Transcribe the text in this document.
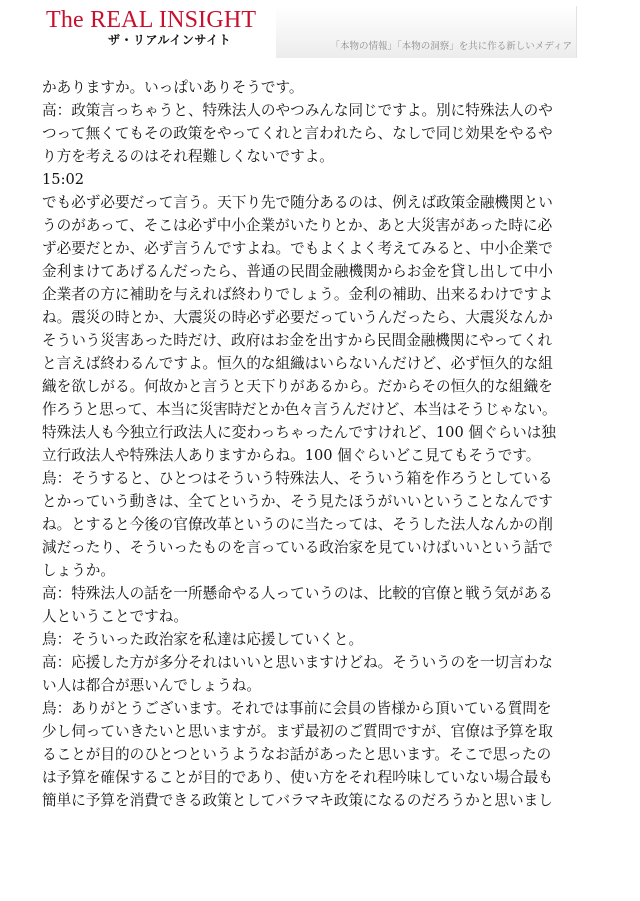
The REAL INSIGHT
ザ・リアルインサイト	「本物の情報」「本物の洞察」を共に作る新しいメディア
かありますか。いっぱいありそうです。
高：政策言っちゃうと、特殊法人のやつみんな同じですよ。別に特殊法人のや
つって無くてもその政策をやってくれと言われたら、なしで同じ効果をやるや
り方を考えるのはそれ程難しくないですよ。
15:02
でも必ず必要だって言う。天下り先で随分あるのは、例えば政策金融機関とい
うのがあって、そこは必ず中小企業がいたりとか、あと大災害があった時に必
ず必要だとか、必ず言うんですよね。でもよくよく考えてみると、中小企業で
金利まけてあげるんだったら、普通の民間金融機関からお金を貸し出して中小
企業者の方に補助を与えれば終わりでしょう。金利の補助、出来るわけですよ
ね。震災の時とか、大震災の時必ず必要だっていうんだったら、大震災なんか
そういう災害あった時だけ、政府はお金を出すから民間金融機関にやってくれ
と言えば終わるんですよ。恒久的な組織はいらないんだけど、必ず恒久的な組
織を欲しがる。何故かと言うと天下りがあるから。だからその恒久的な組織を
作ろうと思って、本当に災害時だとか色々言うんだけど、本当はそうじゃない。
特殊法人も今独立行政法人に変わっちゃったんですけれど、100 個ぐらいは独
立行政法人や特殊法人ありますからね。100 個ぐらいどこ見てもそうです。
鳥：そうすると、ひとつはそういう特殊法人、そういう箱を作ろうとしている
とかっていう動きは、全てというか、そう見たほうがいいということなんです
ね。とすると今後の官僚改革というのに当たっては、そうした法人なんかの削
減だったり、そういったものを言っている政治家を見ていけばいいという話で
しょうか。
高：特殊法人の話を一所懸命やる人っていうのは、比較的官僚と戦う気がある
人ということですね。
鳥：そういった政治家を私達は応援していくと。
高：応援した方が多分それはいいと思いますけどね。そういうのを一切言わな
い人は都合が悪いんでしょうね。
鳥：ありがとうございます。それでは事前に会員の皆様から頂いている質問を
少し伺っていきたいと思いますが。まず最初のご質問ですが、官僚は予算を取
ることが目的のひとつというようなお話があったと思います。そこで思ったの
は予算を確保することが目的であり、使い方をそれ程吟味していない場合最も
簡単に予算を消費できる政策としてバラマキ政策になるのだろうかと思いまし
